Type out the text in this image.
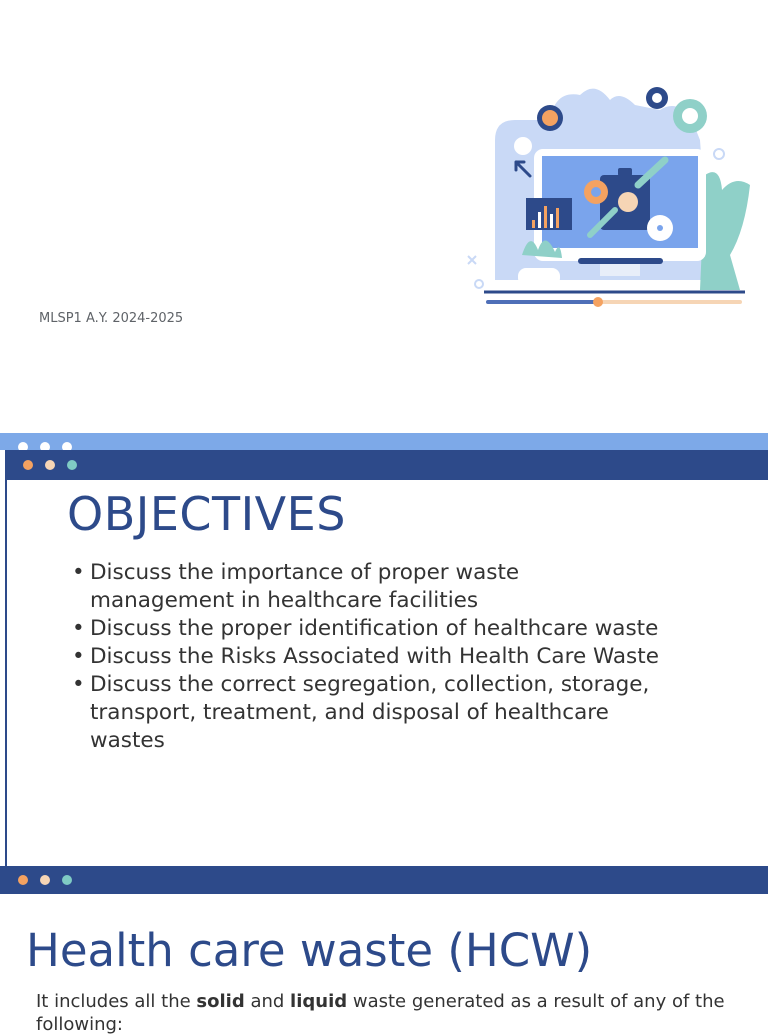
MLSP1 A.Y. 2024-2025
OBJECTIVES
• Discuss the importance of proper waste management in healthcare facilities
• Discuss the proper identification of healthcare waste
• Discuss the Risks Associated with Health Care Waste
• Discuss the correct segregation, collection, storage, transport, treatment, and disposal of healthcare wastes
Health care waste (HCW)

It includes all the solid and liquid waste generated as a result of any of the following:
